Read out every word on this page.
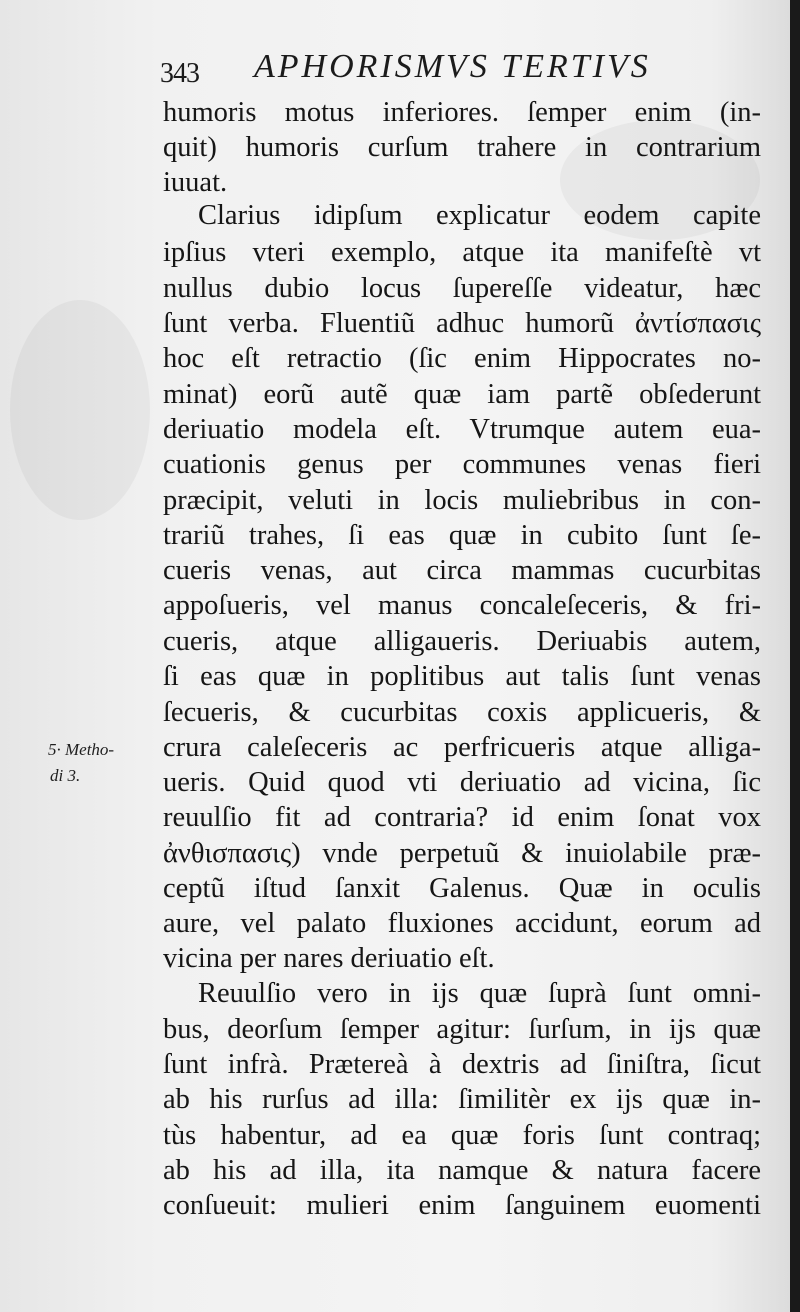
343 APHORISMVS TERTIVS
humoris motus inferiores. ſemper enim (in-
quit) humoris curſum trahere in contrarium
iuuat.
Clarius idipſum explicatur eodem capite
ipſius vteri exemplo, atque ita manifeſtè vt
nullus dubio locus ſupereſſe videatur, hæc
ſunt verba. Fluentiũ adhuc humorũ ἀντίσπασις
hoc eſt retractio (ſic enim Hippocrates no-
minat) eorũ autẽ quæ iam partẽ obſederunt
deriuatio modela eſt. Vtrumque autem eua-
cuationis genus per communes venas fieri
præcipit, veluti in locis muliebribus in con-
trariũ trahes, ſi eas quæ in cubito ſunt ſe-
cueris venas, aut circa mammas cucurbitas
appoſueris, vel manus concaleſeceris, & fri-
cueris, atque alligaueris. Deriuabis autem,
ſi eas quæ in poplitibus aut talis ſunt venas
ſecueris, & cucurbitas coxis applicueris, &
crura caleſeceris ac perfricueris atque alliga-
ueris. Quid quod vti deriuatio ad vicina, ſic
reuulſio fit ad contraria? id enim ſonat vox
ἀνθισπασις) vnde perpetuũ & inuiolabile præ-
ceptũ iſtud ſanxit Galenus. Quæ in oculis
aure, vel palato fluxiones accidunt, eorum ad
vicina per nares deriuatio eſt.
Reuulſio vero in ijs quæ ſuprà ſunt omni-
bus, deorſum ſemper agitur: ſurſum, in ijs quæ
ſunt infrà. Prætereà à dextris ad ſiniſtra, ſicut
ab his rurſus ad illa: ſimilitèr ex ijs quæ in-
tùs habentur, ad ea quæ foris ſunt contraq;
ab his ad illa, ita namque & natura facere
conſueuit: mulieri enim ſanguinem euomenti
5· Metho-
di 3.
